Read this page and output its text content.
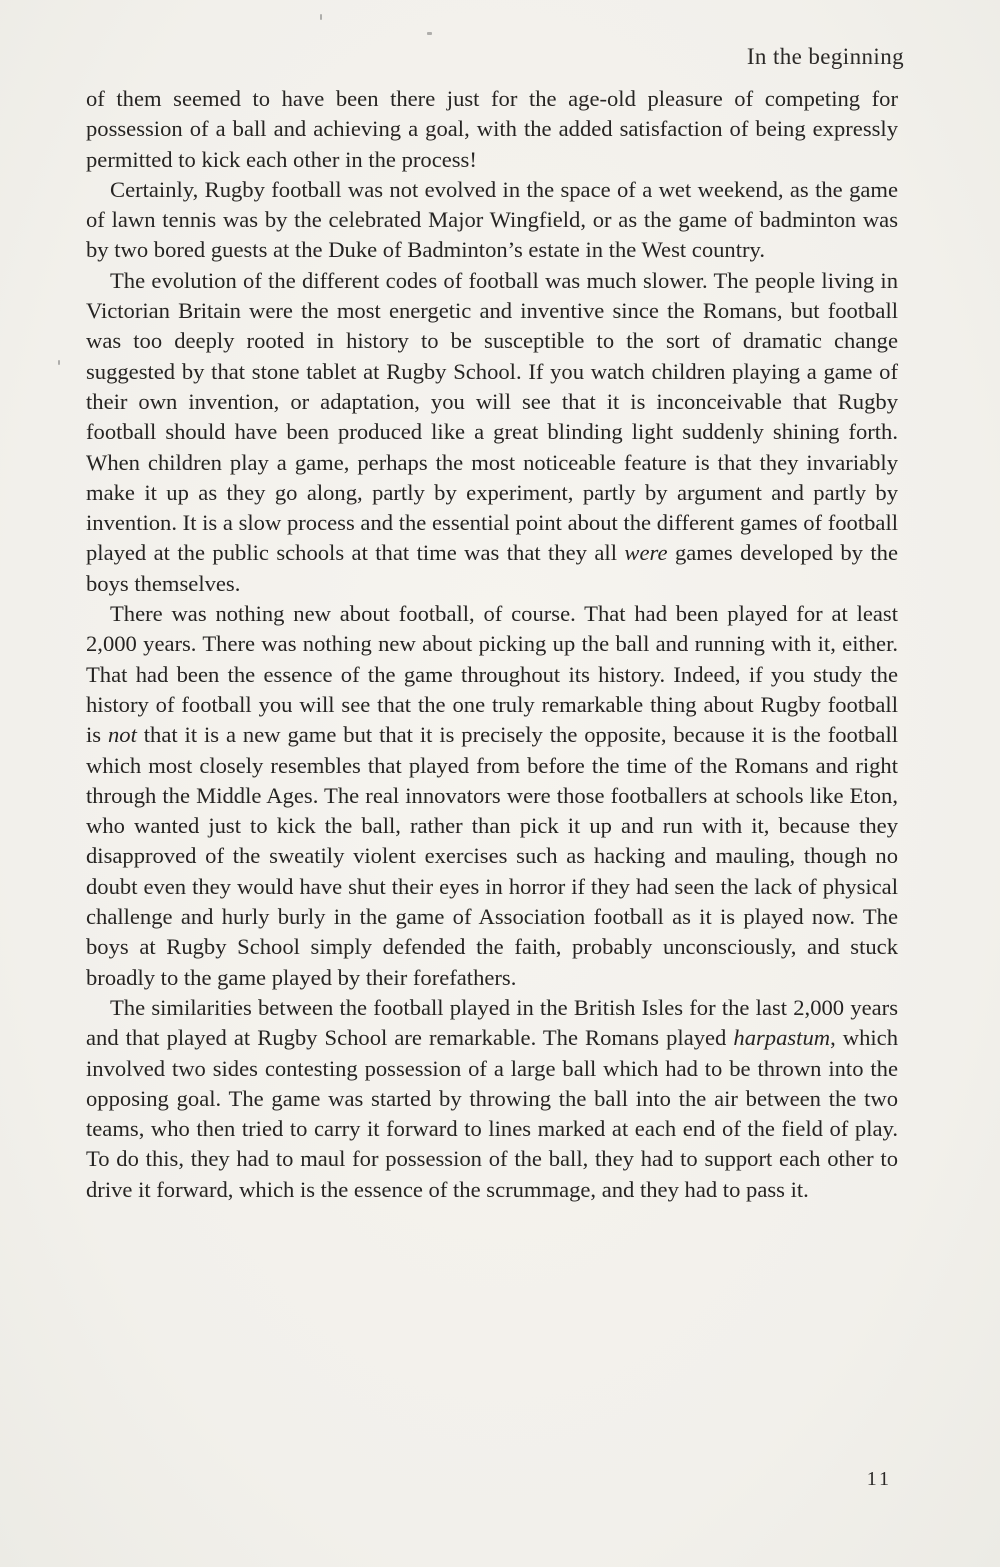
In the beginning

of them seemed to have been there just for the age-old pleasure of competing for possession of a ball and achieving a goal, with the added satisfaction of being expressly permitted to kick each other in the process!

Certainly, Rugby football was not evolved in the space of a wet weekend, as the game of lawn tennis was by the celebrated Major Wingfield, or as the game of badminton was by two bored guests at the Duke of Badminton’s estate in the West country.

The evolution of the different codes of football was much slower. The people living in Victorian Britain were the most energetic and inventive since the Romans, but football was too deeply rooted in history to be susceptible to the sort of dramatic change suggested by that stone tablet at Rugby School. If you watch children playing a game of their own invention, or adaptation, you will see that it is inconceivable that Rugby football should have been produced like a great blinding light suddenly shining forth. When children play a game, perhaps the most noticeable feature is that they invariably make it up as they go along, partly by experiment, partly by argument and partly by invention. It is a slow process and the essential point about the different games of football played at the public schools at that time was that they all were games developed by the boys themselves.

There was nothing new about football, of course. That had been played for at least 2,000 years. There was nothing new about picking up the ball and running with it, either. That had been the essence of the game throughout its history. Indeed, if you study the history of football you will see that the one truly remarkable thing about Rugby football is not that it is a new game but that it is precisely the opposite, because it is the football which most closely resembles that played from before the time of the Romans and right through the Middle Ages. The real innovators were those footballers at schools like Eton, who wanted just to kick the ball, rather than pick it up and run with it, because they disapproved of the sweatily violent exercises such as hacking and mauling, though no doubt even they would have shut their eyes in horror if they had seen the lack of physical challenge and hurly burly in the game of Association football as it is played now. The boys at Rugby School simply defended the faith, probably unconsciously, and stuck broadly to the game played by their forefathers.

The similarities between the football played in the British Isles for the last 2,000 years and that played at Rugby School are remarkable. The Romans played harpastum, which involved two sides contesting possession of a large ball which had to be thrown into the opposing goal. The game was started by throwing the ball into the air between the two teams, who then tried to carry it forward to lines marked at each end of the field of play. To do this, they had to maul for possession of the ball, they had to support each other to drive it forward, which is the essence of the scrummage, and they had to pass it.

11
